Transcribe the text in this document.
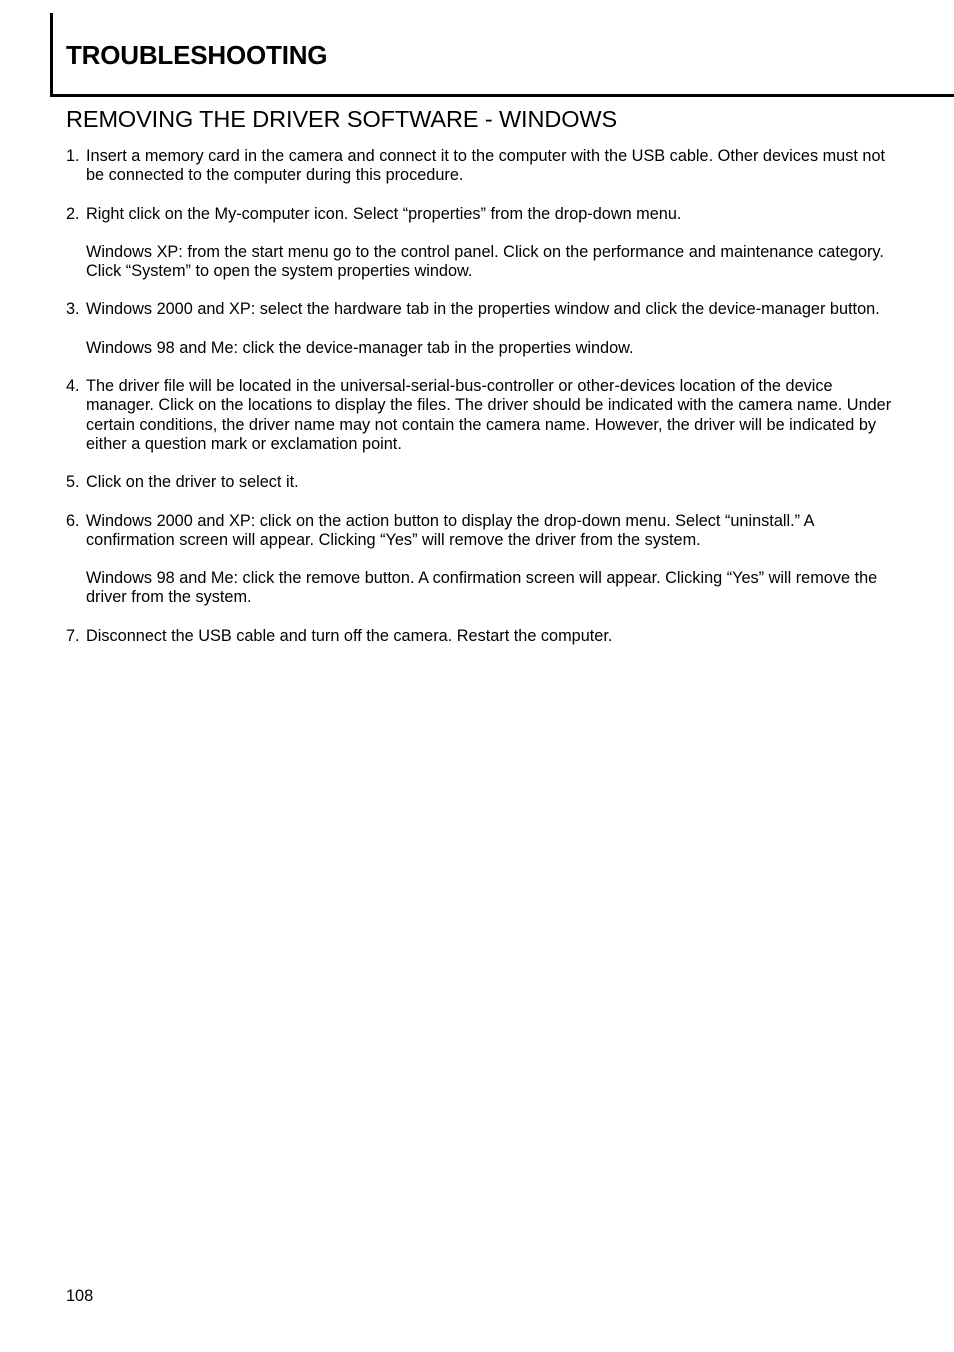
TROUBLESHOOTING
REMOVING THE DRIVER SOFTWARE - WINDOWS
1. Insert a memory card in the camera and connect it to the computer with the USB cable. Other devices must not be connected to the computer during this procedure.
2. Right click on the My-computer icon. Select “properties” from the drop-down menu.
Windows XP: from the start menu go to the control panel. Click on the performance and maintenance category. Click “System” to open the system properties window.
3. Windows 2000 and XP: select the hardware tab in the properties window and click the device-manager button.
Windows 98 and Me: click the device-manager tab in the properties window.
4. The driver file will be located in the universal-serial-bus-controller or other-devices location of the device manager. Click on the locations to display the files. The driver should be indicated with the camera name. Under certain conditions, the driver name may not contain the camera name. However, the driver will be indicated by either a question mark or exclamation point.
5. Click on the driver to select it.
6. Windows 2000 and XP: click on the action button to display the drop-down menu. Select “uninstall.” A confirmation screen will appear. Clicking “Yes” will remove the driver from the system.
Windows 98 and Me: click the remove button. A confirmation screen will appear. Clicking “Yes” will remove the driver from the system.
7. Disconnect the USB cable and turn off the camera. Restart the computer.
108
